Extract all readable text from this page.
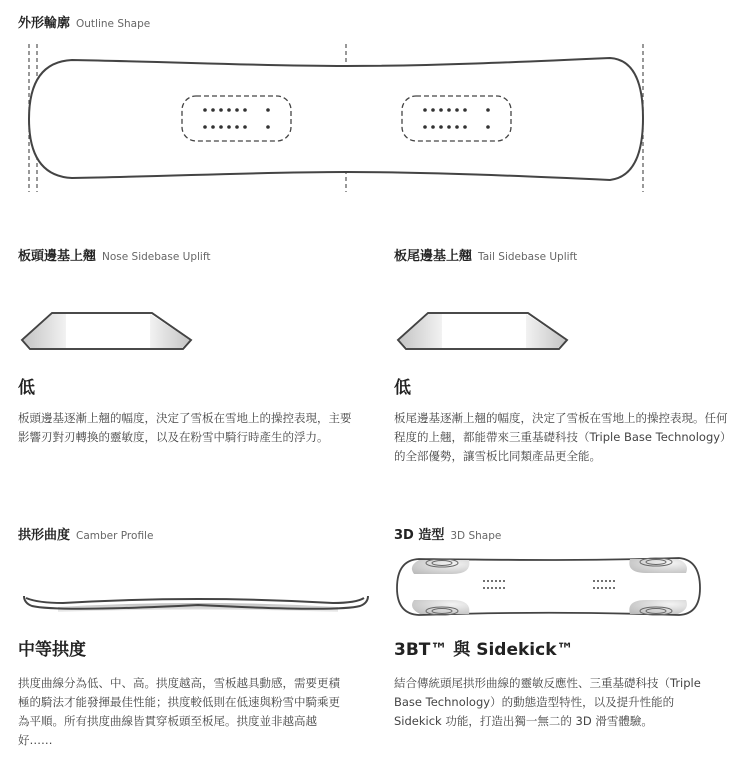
外形輪廓 Outline Shape
板頭邊基上翹 Nose Sidebase Uplift
低
板頭邊基逐漸上翹的幅度，決定了雪板在雪地上的操控表現，主要影響刃對刃轉換的靈敏度，以及在粉雪中騎行時產生的浮力。
板尾邊基上翹 Tail Sidebase Uplift
低
板尾邊基逐漸上翹的幅度，決定了雪板在雪地上的操控表現。任何程度的上翹，都能帶來三重基礎科技（Triple Base Technology）的全部優勢，讓雪板比同類產品更全能。
拱形曲度 Camber Profile
中等拱度
拱度曲線分為低、中、高。拱度越高，雪板越具動感，需要更積極的騎法才能發揮最佳性能；拱度較低則在低速與粉雪中騎乘更為平順。所有拱度曲線皆貫穿板頭至板尾。拱度並非越高越好……
3D 造型 3D Shape
3BT™ 與 Sidekick™
結合傳統頭尾拱形曲線的靈敏反應性、三重基礎科技（Triple Base Technology）的動態造型特性，以及提升性能的 Sidekick 功能，打造出獨一無二的 3D 滑雪體驗。
